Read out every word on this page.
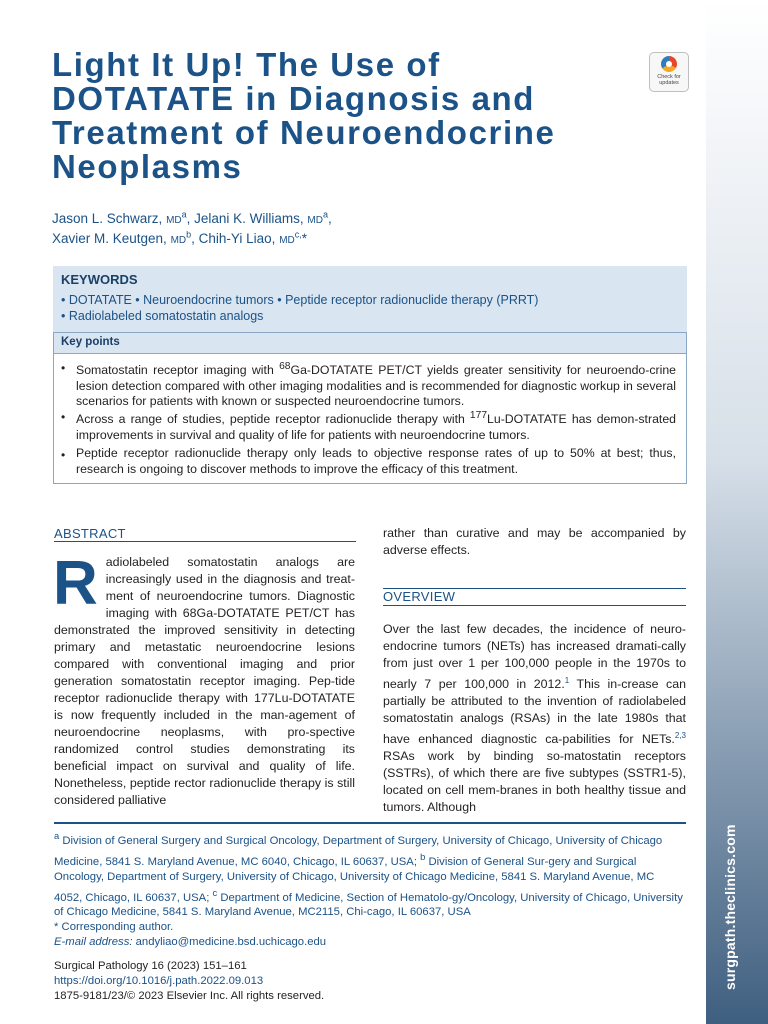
surgpath.theclinics.com
Light It Up! The Use of
DOTATATE in Diagnosis and
Treatment of Neuroendocrine
Neoplasms
Check for updates
Jason L. Schwarz, $MD^a$, Jelani K. Williams, $MD^a$,
Xavier M. Keutgen, $MD^b$, Chih-Yi Liao, $MD^{c,}*$
KEYWORDS
• DOTATATE • Neuroendocrine tumors • Peptide receptor radionuclide therapy (PRRT)
• Radiolabeled somatostatin analogs
Key points
• Somatostatin receptor imaging with $^{68}$Ga-DOTATATE PET/CT yields greater sensitivity for neuroendo-crine lesion detection compared with other imaging modalities and is recommended for diagnostic workup in several scenarios for patients with known or suspected neuroendocrine tumors.
• Across a range of studies, peptide receptor radionuclide therapy with $^{177}$Lu-DOTATATE has demon-strated improvements in survival and quality of life for patients with neuroendocrine tumors.
• Peptide receptor radionuclide therapy only leads to objective response rates of up to 50% at best; thus, research is ongoing to discover methods to improve the efficacy of this treatment.
ABSTRACT
Radiolabeled somatostatin analogs are increasingly used in the diagnosis and treat-ment of neuroendocrine tumors. Diagnostic imaging with 68Ga-DOTATATE PET/CT has demonstrated the improved sensitivity in detecting primary and metastatic neuroendocrine lesions compared with conventional imaging and prior generation somatostatin receptor imaging. Pep-tide receptor radionuclide therapy with 177Lu-DOTATATE is now frequently included in the man-agement of neuroendocrine neoplasms, with pro-spective randomized control studies demonstrating its beneficial impact on survival and quality of life. Nonetheless, peptide rector radionuclide therapy is still considered palliative
rather than curative and may be accompanied by adverse effects.
OVERVIEW
Over the last few decades, the incidence of neuro-endocrine tumors (NETs) has increased dramati-cally from just over 1 per 100,000 people in the 1970s to nearly 7 per 100,000 in 2012.$^1$ This in-crease can partially be attributed to the invention of radiolabeled somatostatin analogs (RSAs) in the late 1980s that have enhanced diagnostic ca-pabilities for NETs.$^{2,3}$ RSAs work by binding so-matostatin receptors (SSTRs), of which there are five subtypes (SSTR1-5), located on cell mem-branes in both healthy tissue and tumors. Although
$^a$ Division of General Surgery and Surgical Oncology, Department of Surgery, University of Chicago, University of Chicago Medicine, 5841 S. Maryland Avenue, MC 6040, Chicago, IL 60637, USA; $^b$ Division of General Sur-gery and Surgical Oncology, Department of Surgery, University of Chicago, University of Chicago Medicine, 5841 S. Maryland Avenue, MC 4052, Chicago, IL 60637, USA; $^c$ Department of Medicine, Section of Hematolo-gy/Oncology, University of Chicago, University of Chicago Medicine, 5841 S. Maryland Avenue, MC2115, Chi-cago, IL 60637, USA
* Corresponding author.
E-mail address: andyliao@medicine.bsd.uchicago.edu
Surgical Pathology 16 (2023) 151–161
https://doi.org/10.1016/j.path.2022.09.013
1875-9181/23/© 2023 Elsevier Inc. All rights reserved.
